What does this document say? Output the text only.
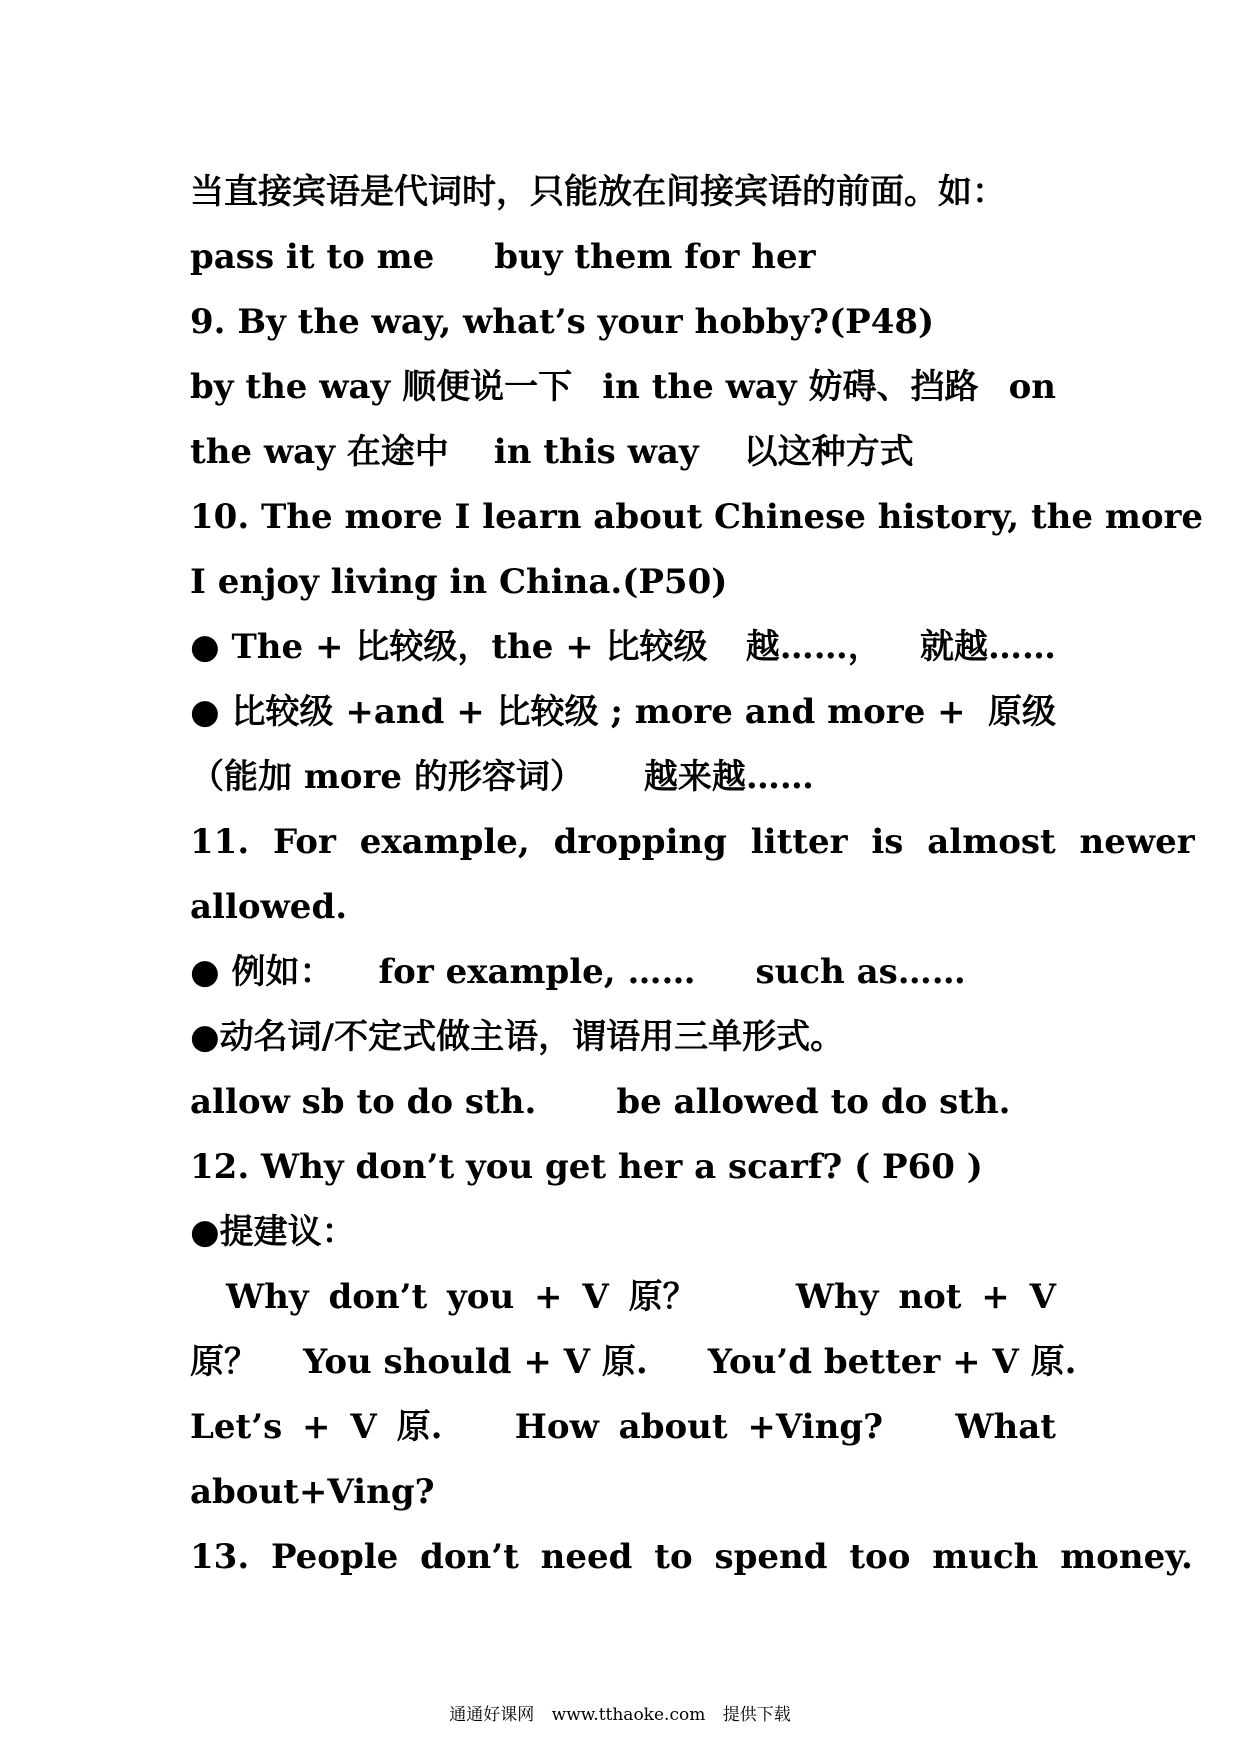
当直接宾语是代词时，只能放在间接宾语的前面。如：
pass it to me buy them for her
9. By the way, what’s your hobby?(P48)
by the way 顺便说一下 in the way 妨碍、挡路 on
the way 在途中 in this way 以这种方式
10. The more I learn about Chinese history, the more
I enjoy living in China.(P50)
● The + 比较级，the + 比较级 越……， 就越……
● 比较级 +and + 比较级 ; more and more + 原级
（能加 more 的形容词） 越来越……
11. For example, dropping litter is almost newer
allowed.
● 例如： for example, …… such as……
●动名词/不定式做主语，谓语用三单形式。
allow sb to do sth. be allowed to do sth.
12. Why don’t you get her a scarf? ( P60 )
●提建议：
Why don’t you + V 原？	Why not + V
原？ You should + V 原. You’d better + V 原.
Let’s + V 原. How about +Ving? What
about+Ving?
13. People don’t need to spend too much money.
通通好课网 www.tthaoke.com 提供下载
